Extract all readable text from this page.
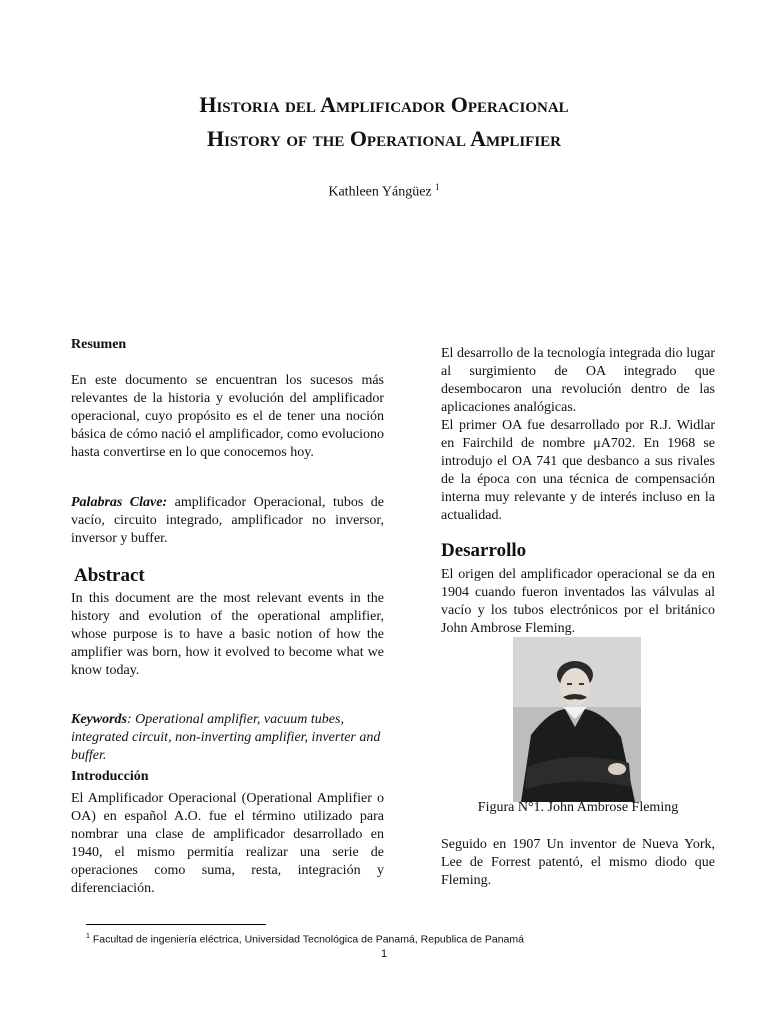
Historia del Amplificador Operacional
History of the Operational Amplifier
Kathleen Yángüez $^1$
Resumen

En este documento se encuentran los sucesos más relevantes de la historia y evolución del amplificador operacional, cuyo propósito es el de tener una noción básica de cómo nació el amplificador, como evoluciono hasta convertirse en lo que conocemos hoy.

Palabras Clave: amplificador Operacional, tubos de vacío, circuito integrado, amplificador no inversor, inversor y buffer.

Abstract

In this document are the most relevant events in the history and evolution of the operational amplifier, whose purpose is to have a basic notion of how the amplifier was born, how it evolved to become what we know today.

Keywords: Operational amplifier, vacuum tubes, integrated circuit, non-inverting amplifier, inverter and buffer.

Introducción

El Amplificador Operacional (Operational Amplifier o OA) en español A.O. fue el término utilizado para nombrar una clase de amplificador desarrollado en 1940, el mismo permitía realizar una serie de operaciones como suma, resta, integración y diferenciación.

El desarrollo de la tecnología integrada dio lugar al surgimiento de OA integrado que desembocaron una revolución dentro de las aplicaciones analógicas.

El primer OA fue desarrollado por R.J. Widlar en Fairchild de nombre μA702. En 1968 se introdujo el OA 741 que desbanco a sus rivales de la época con una técnica de compensación interna muy relevante y de interés incluso en la actualidad.

Desarrollo

El origen del amplificador operacional se da en 1904 cuando fueron inventados las válvulas al vacío y los tubos electrónicos por el británico John Ambrose Fleming.

Figura N°1. John Ambrose Fleming

Seguido en 1907 Un inventor de Nueva York, Lee de Forrest patentó, el mismo diodo que Fleming.

$^1$ Facultad de ingeniería eléctrica, Universidad Tecnológica de Panamá, Republica de Panamá
1
